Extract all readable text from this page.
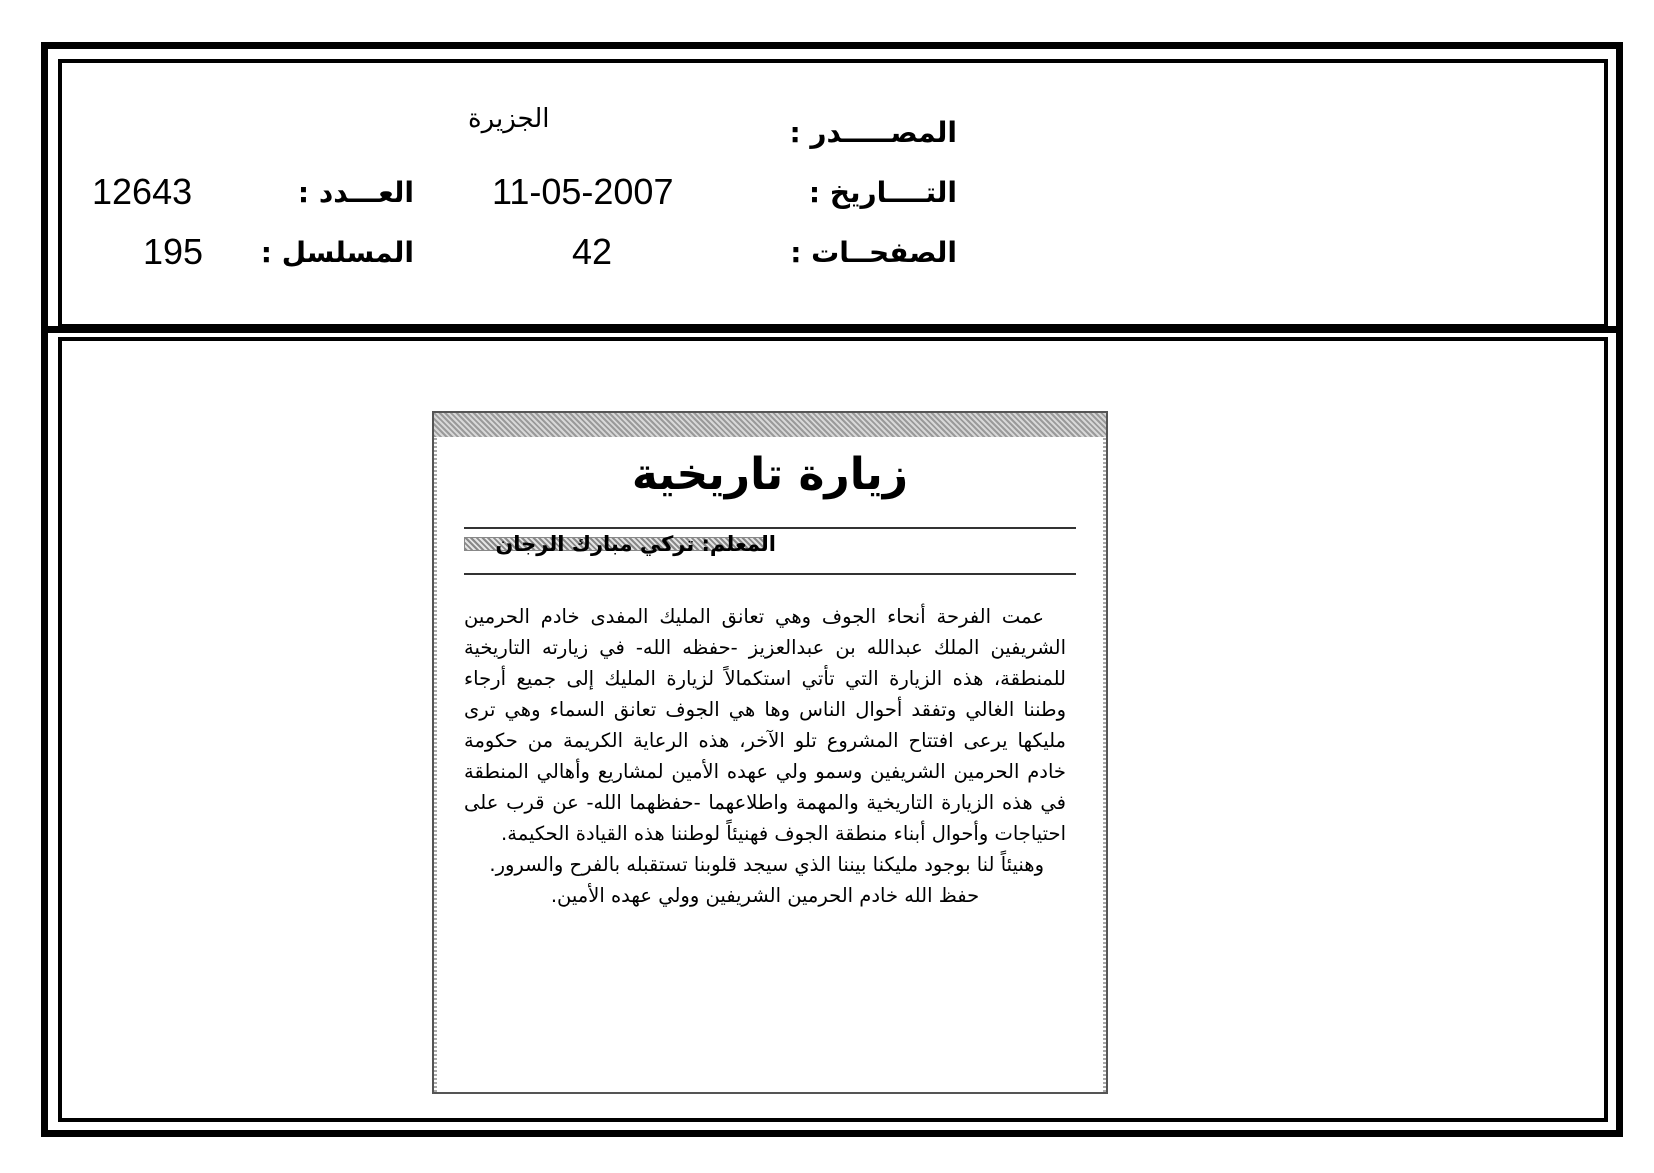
المصـــــدر :
الجزيرة
التــــاريخ :
11-05-2007
العـــدد :
12643
الصفحــات :
42
المسلسل :
195
زيارة تاريخية
المعلم: تركي مبارك الرجان

عمت الفرحة أنحاء الجوف وهي تعانق المليك المفدى خادم الحرمين الشريفين الملك عبدالله بن عبدالعزيز -حفظه الله- في زيارته التاريخية للمنطقة، هذه الزيارة التي تأتي استكمالاً لزيارة المليك إلى جميع أرجاء وطننا الغالي وتفقد أحوال الناس وها هي الجوف تعانق السماء وهي ترى مليكها يرعى افتتاح المشروع تلو الآخر، هذه الرعاية الكريمة من حكومة خادم الحرمين الشريفين وسمو ولي عهده الأمين لمشاريع وأهالي المنطقة في هذه الزيارة التاريخية والمهمة واطلاعهما -حفظهما الله- عن قرب على احتياجات وأحوال أبناء منطقة الجوف فهنيئاً لوطننا هذه القيادة الحكيمة.

وهنيئاً لنا بوجود مليكنا بيننا الذي سيجد قلوبنا تستقبله بالفرح والسرور.

حفظ الله خادم الحرمين الشريفين وولي عهده الأمين.
